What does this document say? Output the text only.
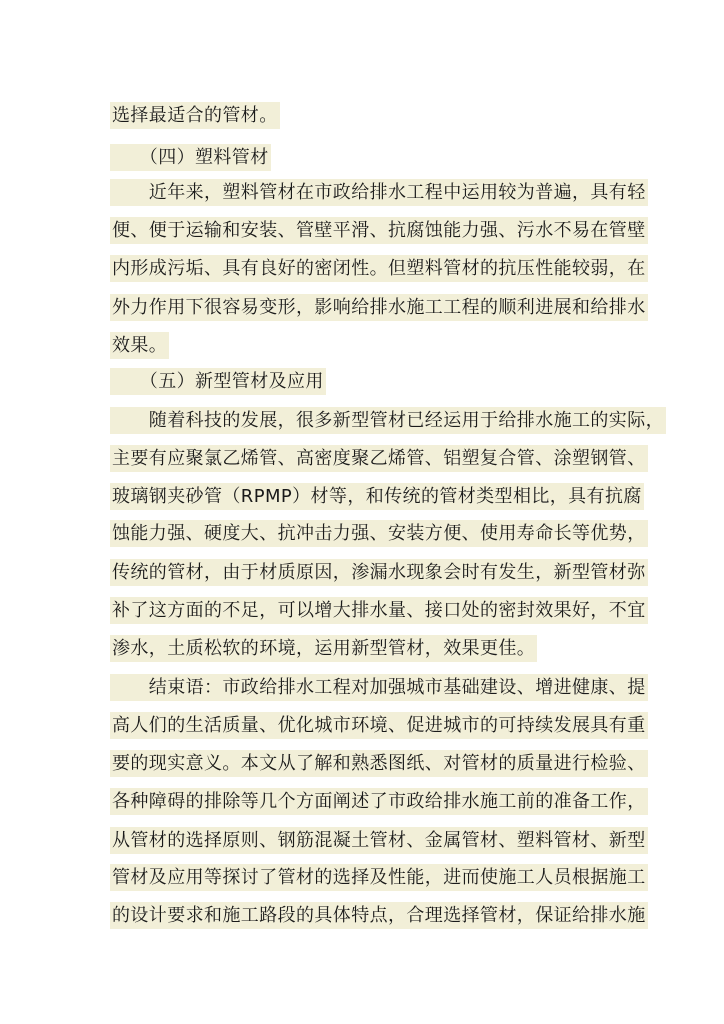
选择最适合的管材。
　　（四）塑料管材
　　近年来，塑料管材在市政给排水工程中运用较为普遍，具有轻
便、便于运输和安装、管壁平滑、抗腐蚀能力强、污水不易在管壁
内形成污垢、具有良好的密闭性。但塑料管材的抗压性能较弱，在
外力作用下很容易变形，影响给排水施工工程的顺利进展和给排水
效果。
　　（五）新型管材及应用
　　随着科技的发展，很多新型管材已经运用于给排水施工的实际，
主要有应聚氯乙烯管、高密度聚乙烯管、铝塑复合管、涂塑钢管、
玻璃钢夹砂管（RPMP）材等，和传统的管材类型相比，具有抗腐
蚀能力强、硬度大、抗冲击力强、安装方便、使用寿命长等优势，
传统的管材，由于材质原因，渗漏水现象会时有发生，新型管材弥
补了这方面的不足，可以增大排水量、接口处的密封效果好，不宜
渗水，土质松软的环境，运用新型管材，效果更佳。
　　结束语：市政给排水工程对加强城市基础建设、增进健康、提
高人们的生活质量、优化城市环境、促进城市的可持续发展具有重
要的现实意义。本文从了解和熟悉图纸、对管材的质量进行检验、
各种障碍的排除等几个方面阐述了市政给排水施工前的准备工作，
从管材的选择原则、钢筋混凝土管材、金属管材、塑料管材、新型
管材及应用等探讨了管材的选择及性能，进而使施工人员根据施工
的设计要求和施工路段的具体特点，合理选择管材，保证给排水施
